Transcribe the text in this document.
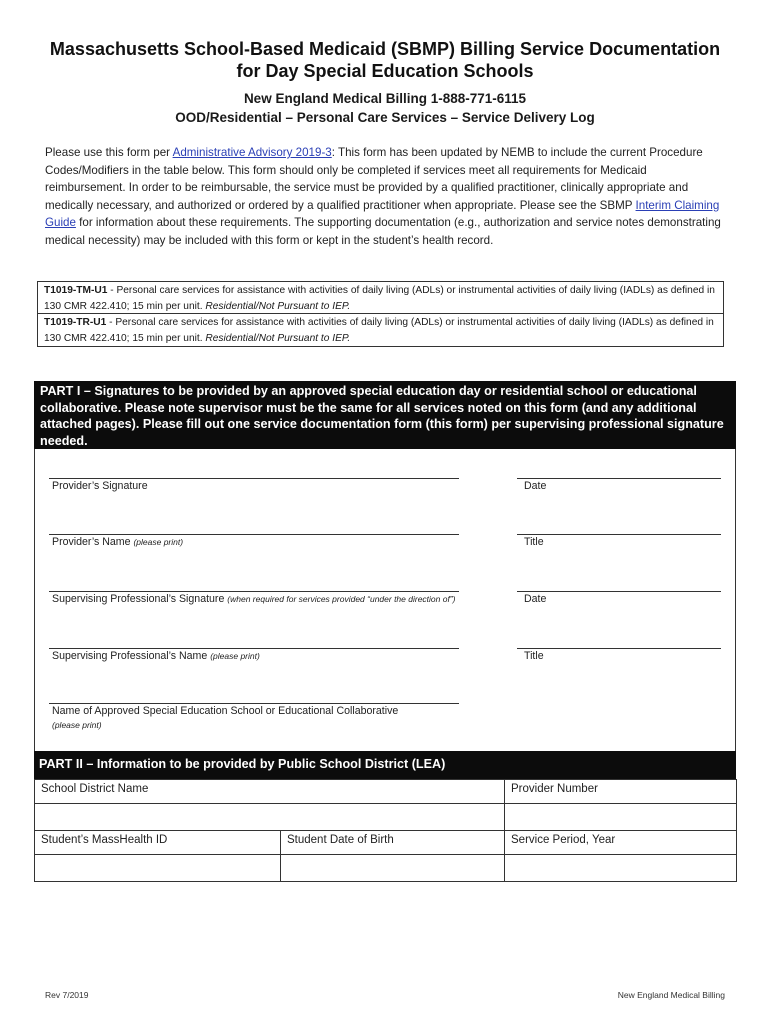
Massachusetts School-Based Medicaid (SBMP) Billing Service Documentation
for Day Special Education Schools
New England Medical Billing 1-888-771-6115
OOD/Residential – Personal Care Services – Service Delivery Log
Please use this form per Administrative Advisory 2019-3: This form has been updated by NEMB to include the current Procedure Codes/Modifiers in the table below. This form should only be completed if services meet all requirements for Medicaid reimbursement. In order to be reimbursable, the service must be provided by a qualified practitioner, clinically appropriate and medically necessary, and authorized or ordered by a qualified practitioner when appropriate. Please see the SBMP Interim Claiming Guide for information about these requirements. The supporting documentation (e.g., authorization and service notes demonstrating medical necessity) may be included with this form or kept in the student’s health record.
T1019-TM-U1 - Personal care services for assistance with activities of daily living (ADLs) or instrumental activities of daily living (IADLs) as defined in 130 CMR 422.410; 15 min per unit. Residential/Not Pursuant to IEP.
T1019-TR-U1 - Personal care services for assistance with activities of daily living (ADLs) or instrumental activities of daily living (IADLs) as defined in 130 CMR 422.410; 15 min per unit. Residential/Not Pursuant to IEP.
PART I – Signatures to be provided by an approved special education day or residential school or educational collaborative. Please note supervisor must be the same for all services noted on this form (and any additional attached pages). Please fill out one service documentation form (this form) per supervising professional signature needed.
Provider’s Signature	Date
Provider’s Name (please print)	Title
Supervising Professional’s Signature (when required for services provided “under the direction of”)	Date
Supervising Professional’s Name (please print)	Title
Name of Approved Special Education School or Educational Collaborative
(please print)
PART II – Information to be provided by Public School District (LEA)
School District Name		Provider Number

Student’s MassHealth ID	Student Date of Birth	Service Period, Year

Rev 7/2019	New England Medical Billing
